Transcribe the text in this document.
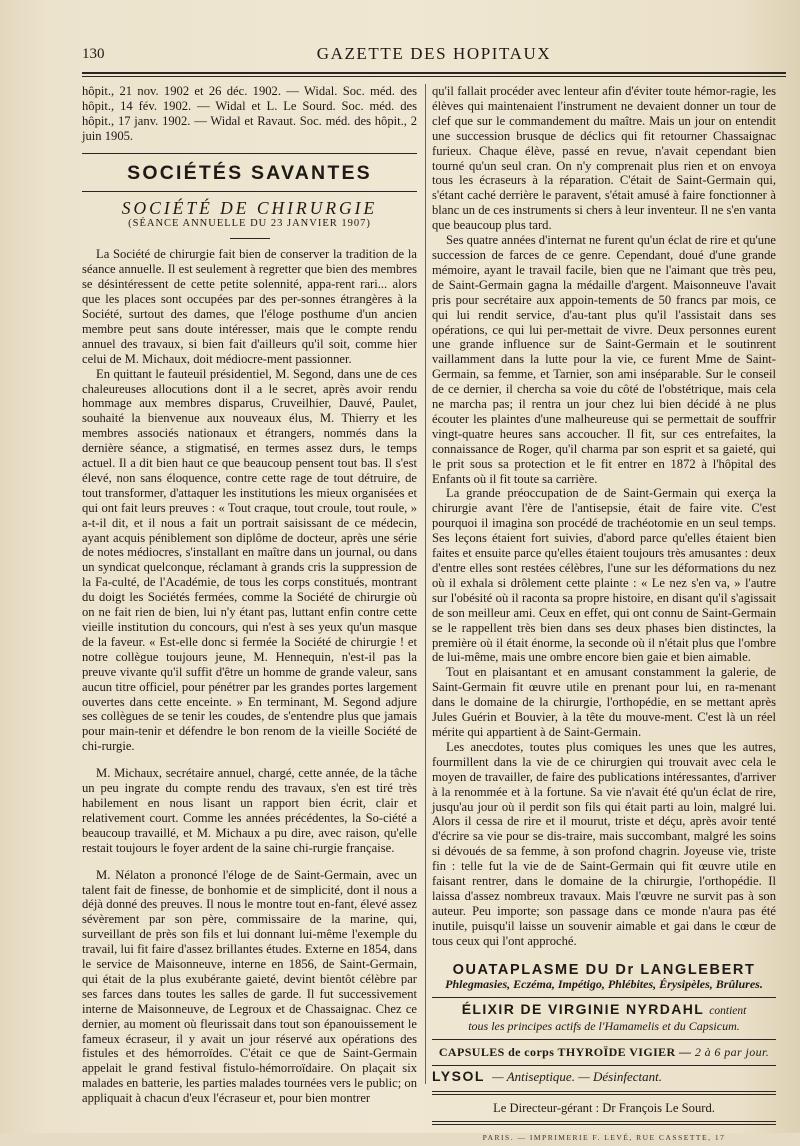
130	GAZETTE DES HOPITAUX

hôpit., 21 nov. 1902 et 26 déc. 1902. — Widal. Soc. méd. des hôpit., 14 fév. 1902. — Widal et L. Le Sourd. Soc. méd. des hôpit., 17 janv. 1902. — Widal et Ravaut. Soc. méd. des hôpit., 2 juin 1905.

SOCIÉTÉS SAVANTES
SOCIÉTÉ DE CHIRURGIE
(SÉANCE ANNUELLE DU 23 JANVIER 1907)

La Société de chirurgie fait bien de conserver la tradition de la séance annuelle. Il est seulement à regretter que bien des membres se désintéressent de cette petite solennité, appa-rent rari... alors que les places sont occupées par des per-sonnes étrangères à la Société, surtout des dames, que l'éloge posthume d'un ancien membre peut sans doute intéresser, mais que le compte rendu annuel des travaux, si bien fait d'ailleurs qu'il soit, comme hier celui de M. Michaux, doit médiocre-ment passionner.

En quittant le fauteuil présidentiel, M. Segond, dans une de ces chaleureuses allocutions dont il a le secret, après avoir rendu hommage aux membres disparus, Cruveilhier, Dauvé, Paulet, souhaité la bienvenue aux nouveaux élus, M. Thierry et les membres associés nationaux et étrangers, nommés dans la dernière séance, a stigmatisé, en termes assez durs, le temps actuel. Il a dit bien haut ce que beaucoup pensent tout bas. Il s'est élevé, non sans éloquence, contre cette rage de tout détruire, de tout transformer, d'attaquer les institutions les mieux organisées et qui ont fait leurs preuves : « Tout craque, tout croule, tout roule, » a-t-il dit, et il nous a fait un portrait saisissant de ce médecin, ayant acquis péniblement son diplôme de docteur, après une série de notes médiocres, s'installant en maître dans un journal, ou dans un syndicat quelconque, réclamant à grands cris la suppression de la Fa-culté, de l'Académie, de tous les corps constitués, montrant du doigt les Sociétés fermées, comme la Société de chirurgie où on ne fait rien de bien, lui n'y étant pas, luttant enfin contre cette vieille institution du concours, qui n'est à ses yeux qu'un masque de la faveur. « Est-elle donc si fermée la Société de chirurgie ! et notre collègue toujours jeune, M. Hennequin, n'est-il pas la preuve vivante qu'il suffit d'être un homme de grande valeur, sans aucun titre officiel, pour pénétrer par les grandes portes largement ouvertes dans cette enceinte. » En terminant, M. Segond adjure ses collègues de se tenir les coudes, de s'entendre plus que jamais pour main-tenir et défendre le bon renom de la vieille Société de chi-rurgie.

M. Michaux, secrétaire annuel, chargé, cette année, de la tâche un peu ingrate du compte rendu des travaux, s'en est tiré très habilement en nous lisant un rapport bien écrit, clair et relativement court. Comme les années précédentes, la So-ciété a beaucoup travaillé, et M. Michaux a pu dire, avec raison, qu'elle restait toujours le foyer ardent de la saine chi-rurgie française.

M. Nélaton a prononcé l'éloge de de Saint-Germain, avec un talent fait de finesse, de bonhomie et de simplicité, dont il nous a déjà donné des preuves. Il nous le montre tout en-fant, élevé assez sévèrement par son père, commissaire de la marine, qui, surveillant de près son fils et lui donnant lui-même l'exemple du travail, lui fit faire d'assez brillantes études. Externe en 1854, dans le service de Maisonneuve, interne en 1856, de Saint-Germain, qui était de la plus exubérante gaieté, devint bientôt célèbre par ses farces dans toutes les salles de garde. Il fut successivement interne de Maisonneuve, de Legroux et de Chassaignac. Chez ce dernier, au moment où fleurissait dans tout son épanouissement le fameux écraseur, il y avait un jour réservé aux opérations des fistules et des hémorroïdes. C'était ce que de Saint-Germain appelait le grand festival fistulo-hémorroïdaire. On plaçait six malades en batterie, les parties malades tournées vers le public; on appliquait à chacun d'eux l'écraseur et, pour bien montrer

qu'il fallait procéder avec lenteur afin d'éviter toute hémor-ragie, les élèves qui maintenaient l'instrument ne devaient donner un tour de clef que sur le commandement du maître. Mais un jour on entendit une succession brusque de déclics qui fit retourner Chassaignac furieux. Chaque élève, passé en revue, n'avait cependant bien tourné qu'un seul cran. On n'y comprenait plus rien et on envoya tous les écraseurs à la réparation. C'était de Saint-Germain qui, s'étant caché derrière le paravent, s'était amusé à faire fonctionner à blanc un de ces instruments si chers à leur inventeur. Il ne s'en vanta que beaucoup plus tard.

Ses quatre années d'internat ne furent qu'un éclat de rire et qu'une succession de farces de ce genre. Cependant, doué d'une grande mémoire, ayant le travail facile, bien que ne l'aimant que très peu, de Saint-Germain gagna la médaille d'argent. Maisonneuve l'avait pris pour secrétaire aux appoin-tements de 50 francs par mois, ce qui lui rendit service, d'au-tant plus qu'il l'assistait dans ses opérations, ce qui lui per-mettait de vivre. Deux personnes eurent une grande influence sur de Saint-Germain et le soutinrent vaillamment dans la lutte pour la vie, ce furent Mme de Saint-Germain, sa femme, et Tarnier, son ami inséparable. Sur le conseil de ce dernier, il chercha sa voie du côté de l'obstétrique, mais cela ne marcha pas; il rentra un jour chez lui bien décidé à ne plus écouter les plaintes d'une malheureuse qui se permettait de souffrir vingt-quatre heures sans accoucher. Il fit, sur ces entrefaites, la connaissance de Roger, qu'il charma par son esprit et sa gaieté, qui le prit sous sa protection et le fit entrer en 1872 à l'hôpital des Enfants où il fit toute sa carrière.

La grande préoccupation de de Saint-Germain qui exerça la chirurgie avant l'ère de l'antisepsie, était de faire vite. C'est pourquoi il imagina son procédé de trachéotomie en un seul temps. Ses leçons étaient fort suivies, d'abord parce qu'elles étaient bien faites et ensuite parce qu'elles étaient toujours très amusantes : deux d'entre elles sont restées célèbres, l'une sur les déformations du nez où il exhala si drôlement cette plainte : « Le nez s'en va, » l'autre sur l'obésité où il raconta sa propre histoire, en disant qu'il s'agissait de son meilleur ami. Ceux en effet, qui ont connu de Saint-Germain se le rappellent très bien dans ses deux phases bien distinctes, la première où il était énorme, la seconde où il n'était plus que l'ombre de lui-même, mais une ombre encore bien gaie et bien aimable.

Tout en plaisantant et en amusant constamment la galerie, de Saint-Germain fit œuvre utile en prenant pour lui, en ra-menant dans le domaine de la chirurgie, l'orthopédie, en se mettant après Jules Guérin et Bouvier, à la tête du mouve-ment. C'est là un réel mérite qui appartient à de Saint-Germain.

Les anecdotes, toutes plus comiques les unes que les autres, fourmillent dans la vie de ce chirurgien qui trouvait avec cela le moyen de travailler, de faire des publications intéressantes, d'arriver à la renommée et à la fortune. Sa vie n'avait été qu'un éclat de rire, jusqu'au jour où il perdit son fils qui était parti au loin, malgré lui. Alors il cessa de rire et il mourut, triste et déçu, après avoir tenté d'écrire sa vie pour se dis-traire, mais succombant, malgré les soins si dévoués de sa femme, à son profond chagrin. Joyeuse vie, triste fin : telle fut la vie de de Saint-Germain qui fit œuvre utile en faisant rentrer, dans le domaine de la chirurgie, l'orthopédie. Il laissa d'assez nombreux travaux. Mais l'œuvre ne survit pas à son auteur. Peu importe; son passage dans ce monde n'aura pas été inutile, puisqu'il laisse un souvenir aimable et gai dans le cœur de tous ceux qui l'ont approché.

OUATAPLASME DU Dr LANGLEBERT
Phlegmasies, Eczéma, Impétigo, Phlébites, Érysipèles, Brûlures.
ÉLIXIR DE VIRGINIE NYRDAHL contient
tous les principes actifs de l'Hamamelis et du Capsicum.
CAPSULES de corps THYROÏDE VIGIER — 2 à 6 par jour.
LYSOL — Antiseptique. — Désinfectant.
Le Directeur-gérant : Dr François Le Sourd.
PARIS. — IMPRIMERIE F. LEVÉ, RUE CASSETTE, 17
